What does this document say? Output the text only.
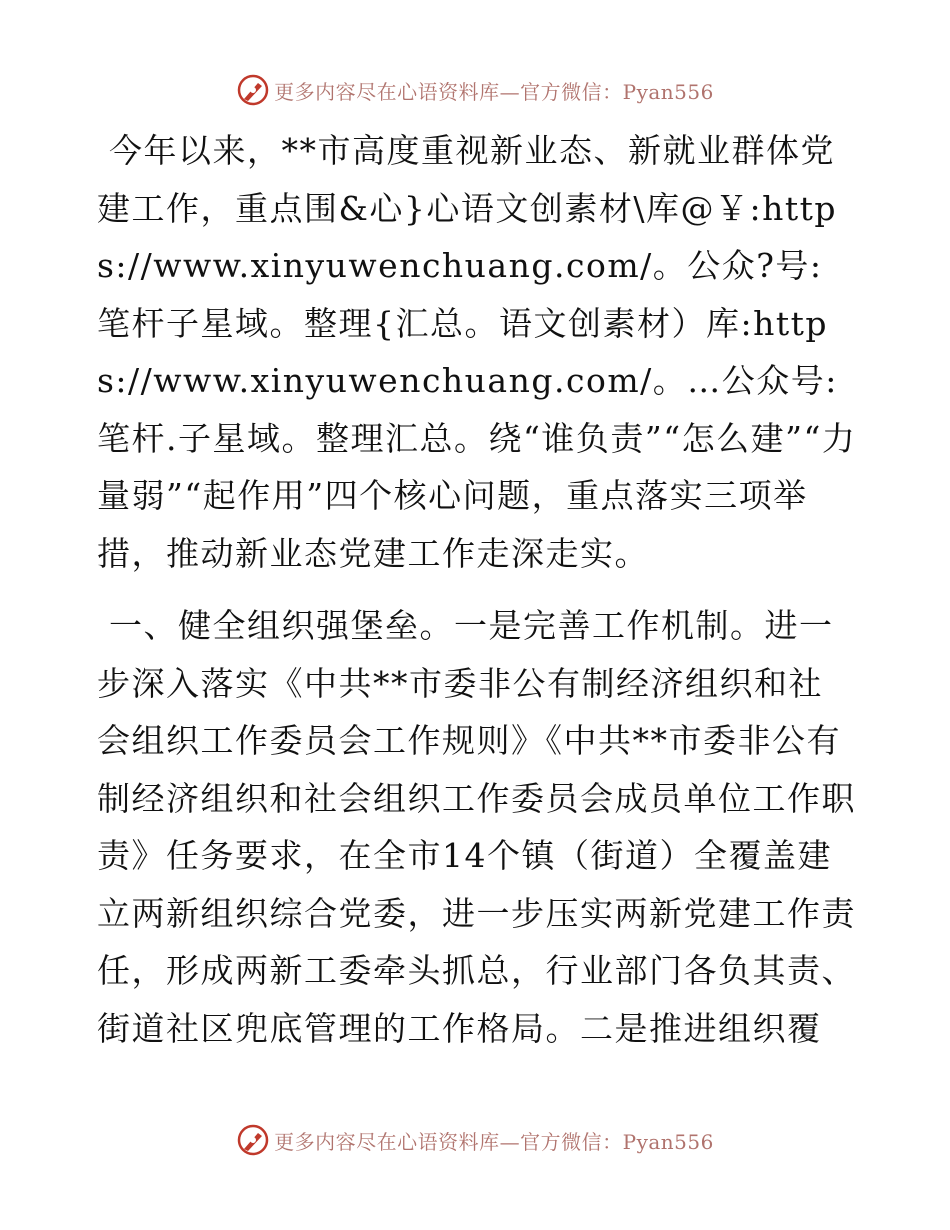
更多内容尽在心语资料库—官方微信：Pyan556

今年以来，**市高度重视新业态、新就业群体党建工作，重点围&心}心语文创素材\库@￥:https://www.xinyuwenchuang.com/。公众?号: 笔杆子星域。整理{汇总。语文创素材）库:https://www.xinyuwenchuang.com/。…公众号:笔杆.子星域。整理汇总。绕“谁负责”“怎么建”“力量弱”“起作用”四个核心问题，重点落实三项举措，推动新业态党建工作走深走实。

一、健全组织强堡垒。一是完善工作机制。进一步深入落实《中共**市委非公有制经济组织和社会组织工作委员会工作规则》《中共**市委非公有制经济组织和社会组织工作委员会成员单位工作职责》任务要求，在全市14个镇（街道）全覆盖建立两新组织综合党委，进一步压实两新党建工作责任，形成两新工委牵头抓总，行业部门各负其责、街道社区兜底管理的工作格局。二是推进组织覆

更多内容尽在心语资料库—官方微信：Pyan556
